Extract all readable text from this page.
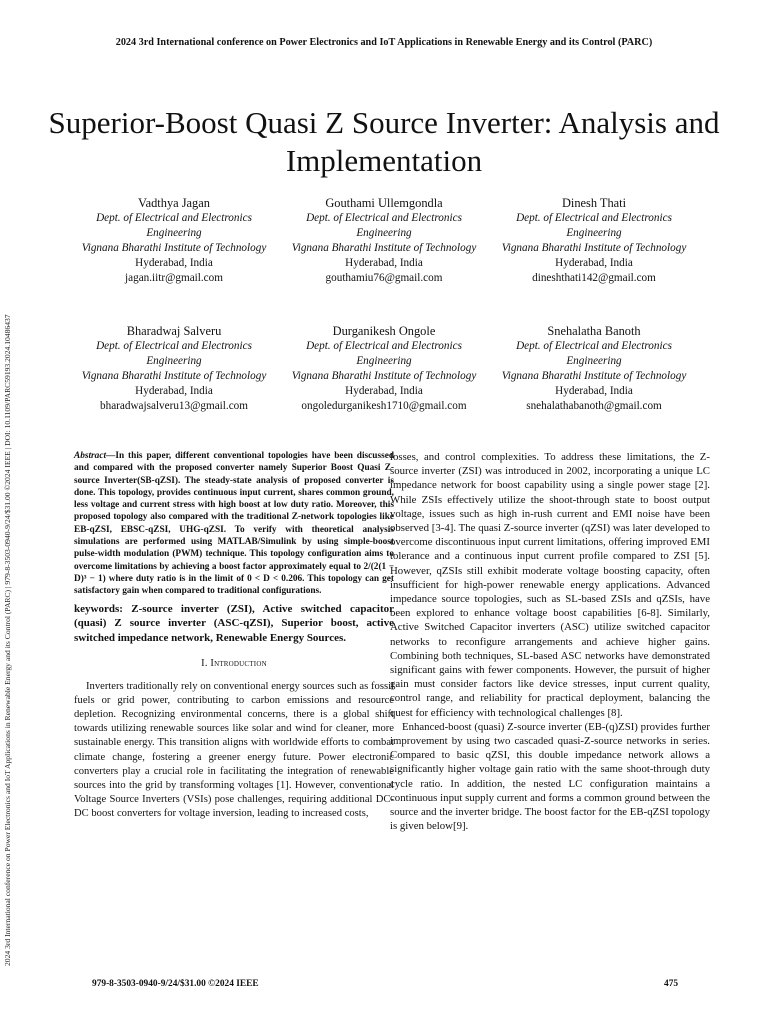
2024 3rd International conference on Power Electronics and IoT Applications in Renewable Energy and its Control (PARC)
2024 3rd International conference on Power Electronics and IoT Applications in Renewable Energy and its Control (PARC) | 979-8-3503-0940-9/24/$31.00 ©2024 IEEE | DOI: 10.1109/PARC59193.2024.10486437
Superior-Boost Quasi Z Source Inverter: Analysis and Implementation
Vadthya Jagan
Dept. of Electrical and Electronics Engineering
Vignana Bharathi Institute of Technology
Hyderabad, India
jagan.iitr@gmail.com
Gouthami Ullemgondla
Dept. of Electrical and Electronics Engineering
Vignana Bharathi Institute of Technology
Hyderabad, India
gouthamiu76@gmail.com
Dinesh Thati
Dept. of Electrical and Electronics Engineering
Vignana Bharathi Institute of Technology
Hyderabad, India
dineshthati142@gmail.com
Bharadwaj Salveru
Dept. of Electrical and Electronics Engineering
Vignana Bharathi Institute of Technology
Hyderabad, India
bharadwajsalveru13@gmail.com
Durganikesh Ongole
Dept. of Electrical and Electronics Engineering
Vignana Bharathi Institute of Technology
Hyderabad, India
ongoledurganikesh1710@gmail.com
Snehalatha Banoth
Dept. of Electrical and Electronics Engineering
Vignana Bharathi Institute of Technology
Hyderabad, India
snehalathabanoth@gmail.com

Abstract—In this paper, different conventional topologies have been discussed and compared with the proposed converter namely Superior Boost Quasi Z-source Inverter(SB-qZSI). The steady-state analysis of proposed converter is done. This topology, provides continuous input current, shares common ground, less voltage and current stress with high boost at low duty ratio. Moreover, this proposed topology also compared with the traditional Z-network topologies like EB-qZSI, EBSC-qZSI, UHG-qZSI. To verify with theoretical analysis simulations are performed using MATLAB/Simulink by using simple-boost pulse-width modulation (PWM) technique. This topology configuration aims to overcome limitations by achieving a boost factor approximately equal to 2/(2(1 − D)³ − 1) where duty ratio is in the limit of 0 < D < 0.206. This topology can get satisfactory gain when compared to traditional configurations.

keywords: Z-source inverter (ZSI), Active switched capacitor (quasi) Z source inverter (ASC-qZSI), Superior boost, active switched impedance network, Renewable Energy Sources.

I. Introduction

Inverters traditionally rely on conventional energy sources such as fossil fuels or grid power, contributing to carbon emissions and resource depletion. Recognizing environmental concerns, there is a global shift towards utilizing renewable sources like solar and wind for cleaner, more sustainable energy. This transition aligns with worldwide efforts to combat climate change, fostering a greener energy future. Power electronic converters play a crucial role in facilitating the integration of renewable sources into the grid by transforming voltages [1]. However, conventional Voltage Source Inverters (VSIs) pose challenges, requiring additional DC-DC boost converters for voltage inversion, leading to increased costs,

losses, and control complexities. To address these limitations, the Z-source inverter (ZSI) was introduced in 2002, incorporating a unique LC impedance network for boost capability using a single power stage [2]. While ZSIs effectively utilize the shoot-through state to boost output voltage, issues such as high in-rush current and EMI noise have been observed [3-4]. The quasi Z-source inverter (qZSI) was later developed to overcome discontinuous input current limitations, offering improved EMI tolerance and a continuous input current profile compared to ZSI [5]. However, qZSIs still exhibit moderate voltage boosting capacity, often insufficient for high-power renewable energy applications. Advanced impedance source topologies, such as SL-based ZSIs and qZSIs, have been explored to enhance voltage boost capabilities [6-8]. Similarly, Active Switched Capacitor inverters (ASC) utilize switched capacitor networks to reconfigure arrangements and achieve higher gains. Combining both techniques, SL-based ASC networks have demonstrated significant gains with fewer components. However, the pursuit of higher gain must consider factors like device stresses, input current quality, control range, and reliability for practical deployment, balancing the quest for efficiency with technological challenges [8].

Enhanced-boost (quasi) Z-source inverter (EB-(q)ZSI) provides further improvement by using two cascaded quasi-Z-source networks in series. Compared to basic qZSI, this double impedance network allows a significantly higher voltage gain ratio with the same shoot-through duty cycle ratio. In addition, the nested LC configuration maintains a continuous input supply current and forms a common ground between the source and the inverter bridge. The boost factor for the EB-qZSI topology is given below[9].

979-8-3503-0940-9/24/$31.00 ©2024 IEEE	475
